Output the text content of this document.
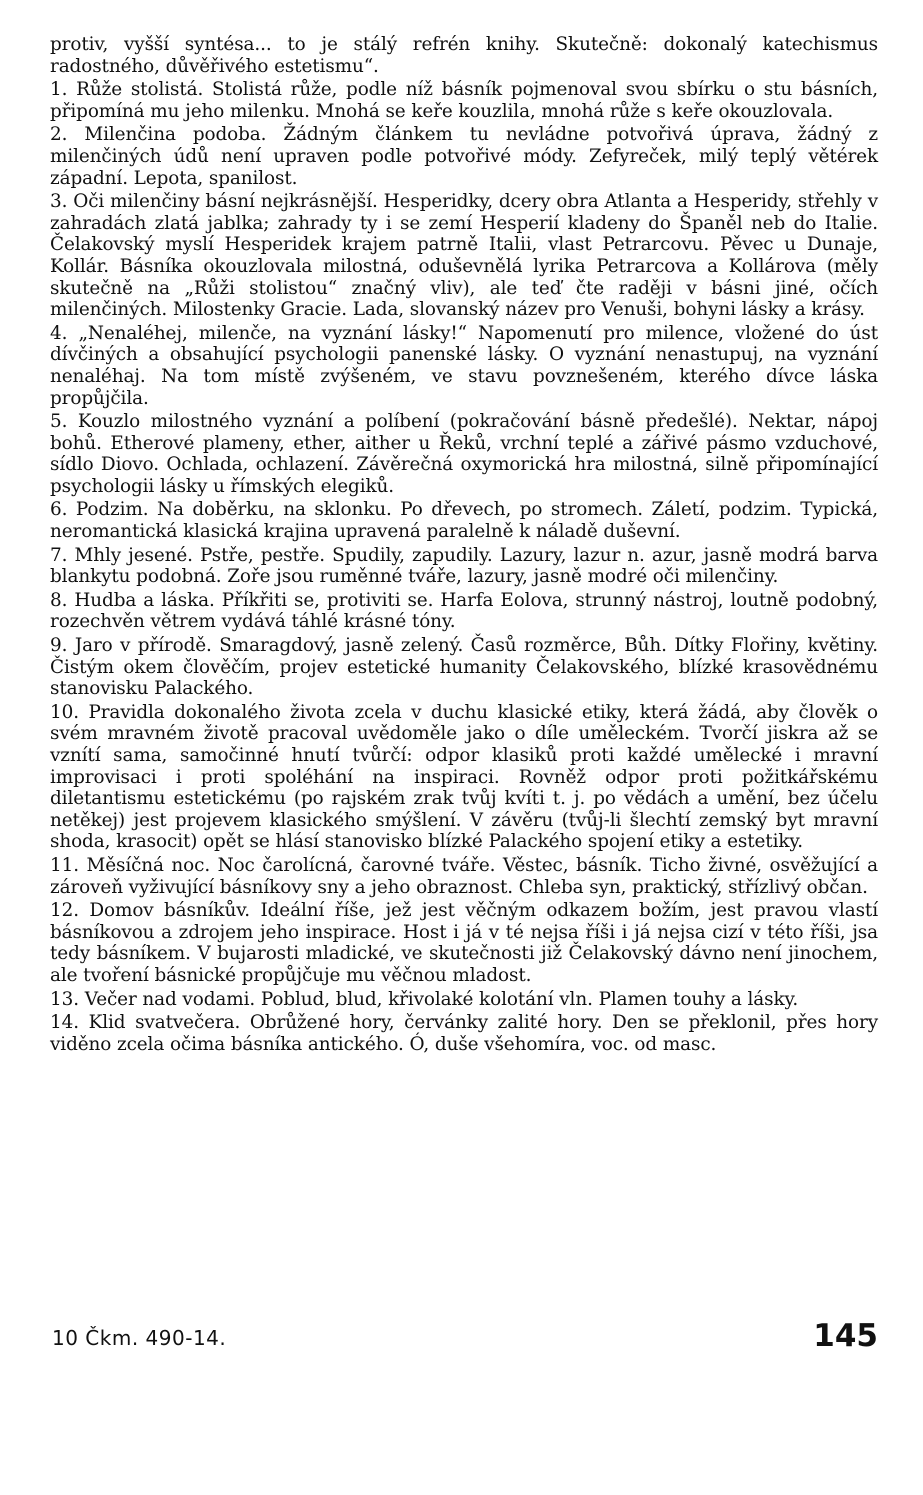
protiv, vyšší syntésa... to je stálý refrén knihy. Skutečně: dokonalý katechismus radostného, důvěřivého estetismu“.

1. Růže stolistá. Stolistá růže, podle níž básník pojmenoval svou sbírku o stu básních, připomíná mu jeho milenku. Mnohá se keře kouzlila, mnohá růže s keře okouzlovala.

2. Milenčina podoba. Žádným článkem tu nevládne potvořivá úprava, žádný z milenčiných údů není upraven podle potvořivé módy. Zefyreček, milý teplý větérek západní. Lepota, spanilost.

3. Oči milenčiny básní nejkrásnější. Hesperidky, dcery obra Atlanta a Hesperidy, střehly v zahradách zlatá jablka; zahrady ty i se zemí Hesperií kladeny do Španěl neb do Italie. Čelakovský myslí Hesperidek krajem patrně Italii, vlast Petrarcovu. Pěvec u Dunaje, Kollár. Básníka okouzlovala milostná, oduševnělá lyrika Petrarcova a Kollárova (měly skutečně na „Růži stolistou“ značný vliv), ale teď čte raději v básni jiné, očích milenčiných. Milostenky Gracie. Lada, slovanský název pro Venuši, bohyni lásky a krásy.

4. „Nenaléhej, milenče, na vyznání lásky!“ Napomenutí pro milence, vložené do úst dívčiných a obsahující psychologii panenské lásky. O vyznání nenastupuj, na vyznání nenaléhaj. Na tom místě zvýšeném, ve stavu povznešeném, kterého dívce láska propůjčila.

5. Kouzlo milostného vyznání a políbení (pokračování básně předešlé). Nektar, nápoj bohů. Etherové plameny, ether, aither u Řeků, vrchní teplé a zářivé pásmo vzduchové, sídlo Diovo. Ochlada, ochlazení. Závěrečná oxymorická hra milostná, silně připomínající psychologii lásky u římských elegiků.

6. Podzim. Na doběrku, na sklonku. Po dřevech, po stromech. Záletí, podzim. Typická, neromantická klasická krajina upravená paralelně k náladě duševní.

7. Mhly jesené. Pstře, pestře. Spudily, zapudily. Lazury, lazur n. azur, jasně modrá barva blankytu podobná. Zoře jsou ruměnné tváře, lazury, jasně modré oči milenčiny.

8. Hudba a láska. Příkřiti se, protiviti se. Harfa Eolova, strunný nástroj, loutně podobný, rozechvěn větrem vydává táhlé krásné tóny.

9. Jaro v přírodě. Smaragdový, jasně zelený. Časů rozměrce, Bůh. Dítky Flořiny, květiny. Čistým okem člověčím, projev estetické humanity Čelakovského, blízké krasovědnému stanovisku Palackého.

10. Pravidla dokonalého života zcela v duchu klasické etiky, která žádá, aby člověk o svém mravném životě pracoval uvědoměle jako o díle uměleckém. Tvorčí jiskra až se vznítí sama, samočinné hnutí tvůrčí: odpor klasiků proti každé umělecké i mravní improvisaci i proti spoléhání na inspiraci. Rovněž odpor proti požitkářskému diletantismu estetickému (po rajském zrak tvůj kvíti t. j. po vědách a umění, bez účelu netěkej) jest projevem klasického smýšlení. V závěru (tvůj-li šlechtí zemský byt mravní shoda, krasocit) opět se hlásí stanovisko blízké Palackého spojení etiky a estetiky.

11. Měsíčná noc. Noc čarolícná, čarovné tváře. Věstec, básník. Ticho živné, osvěžující a zároveň vyživující básníkovy sny a jeho obraznost. Chleba syn, praktický, střízlivý občan.

12. Domov básníkův. Ideální říše, jež jest věčným odkazem božím, jest pravou vlastí básníkovou a zdrojem jeho inspirace. Host i já v té nejsa říši i já nejsa cizí v této říši, jsa tedy básníkem. V bujarosti mladické, ve skutečnosti již Čelakovský dávno není jinochem, ale tvoření básnické propůjčuje mu věčnou mladost.

13. Večer nad vodami. Poblud, blud, křivolaké kolotání vln. Plamen touhy a lásky.

14. Klid svatvečera. Obrůžené hory, červánky zalité hory. Den se překlonil, přes hory viděno zcela očima básníka antického. Ó, duše všehomíra, voc. od masc.

10 Čkm. 490-14.	145
